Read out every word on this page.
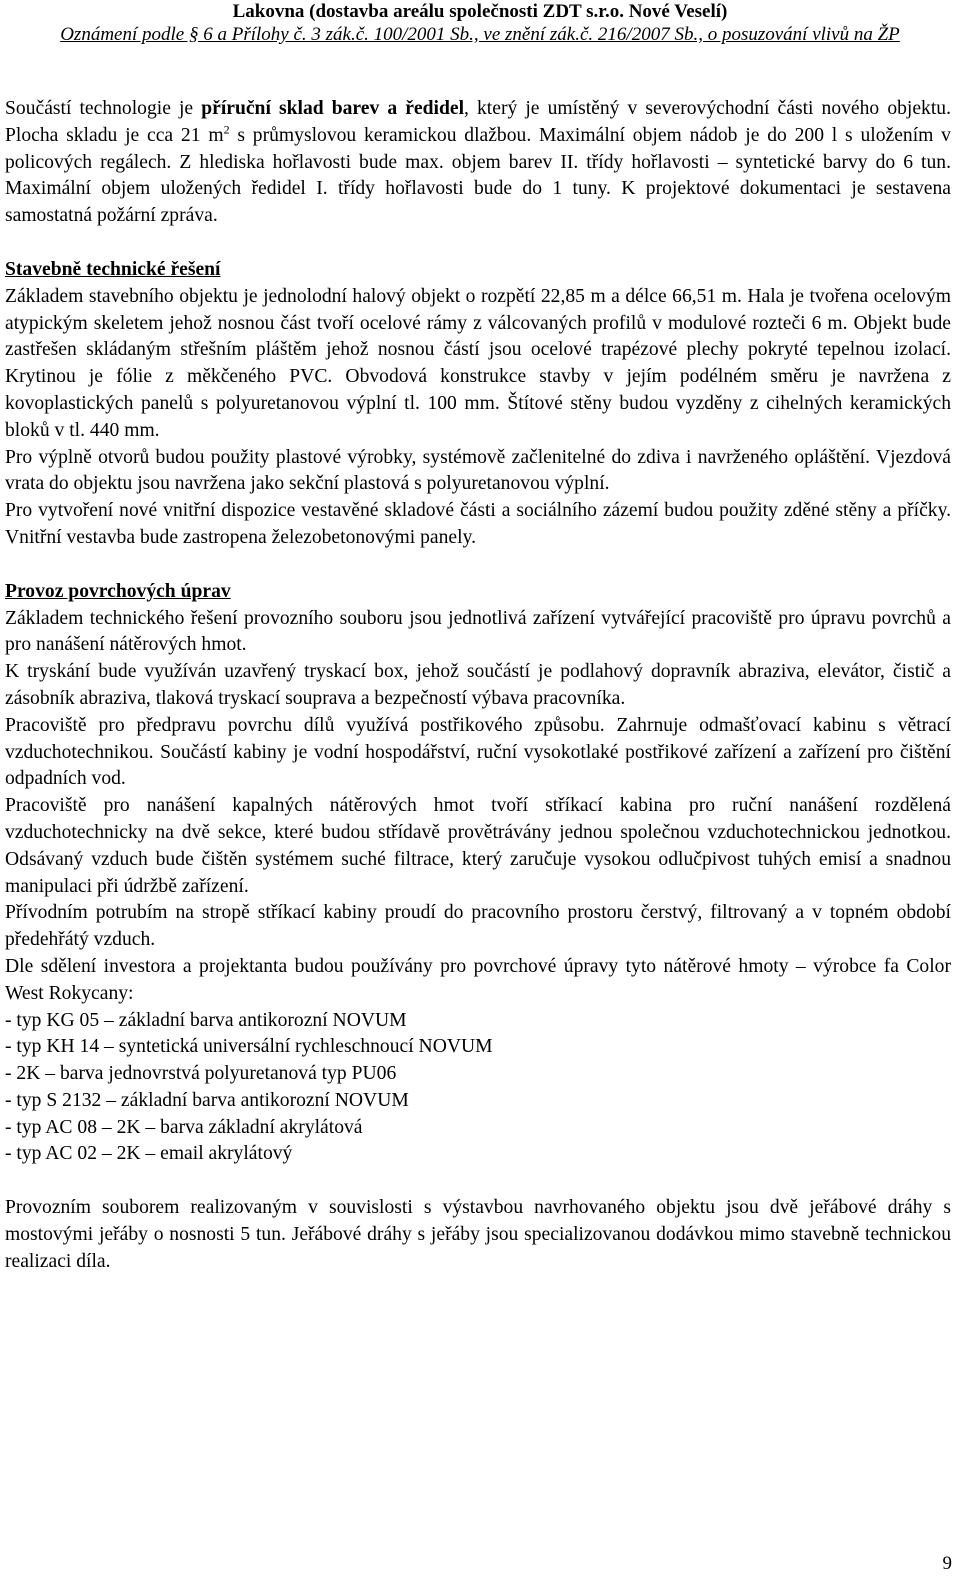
Lakovna (dostavba areálu společnosti ZDT s.r.o. Nové Veselí)
Oznámení podle § 6 a Přílohy č. 3 zák.č. 100/2001 Sb., ve znění zák.č. 216/2007 Sb., o posuzování vlivů na ŽP

Součástí technologie je příruční sklad barev a ředidel, který je umístěný v severovýchodní části nového objektu. Plocha skladu je cca 21 $m^2$ s průmyslovou keramickou dlažbou. Maximální objem nádob je do 200 l s uložením v policových regálech. Z hlediska hořlavosti bude max. objem barev II. třídy hořlavosti – syntetické barvy do 6 tun. Maximální objem uložených ředidel I. třídy hořlavosti bude do 1 tuny. K projektové dokumentaci je sestavena samostatná požární zpráva.

Stavebně technické řešení

Základem stavebního objektu je jednolodní halový objekt o rozpětí 22,85 m a délce 66,51 m. Hala je tvořena ocelovým atypickým skeletem jehož nosnou část tvoří ocelové rámy z válcovaných profilů v modulové rozteči 6 m. Objekt bude zastřešen skládaným střešním pláštěm jehož nosnou částí jsou ocelové trapézové plechy pokryté tepelnou izolací. Krytinou je fólie z měkčeného PVC. Obvodová konstrukce stavby v jejím podélném směru je navržena z kovoplastických panelů s polyuretanovou výplní tl. 100 mm. Štítové stěny budou vyzděny z cihelných keramických bloků v tl. 440 mm.

Pro výplně otvorů budou použity plastové výrobky, systémově začlenitelné do zdiva i navrženého opláštění. Vjezdová vrata do objektu jsou navržena jako sekční plastová s polyuretanovou výplní.

Pro vytvoření nové vnitřní dispozice vestavěné skladové části a sociálního zázemí budou použity zděné stěny a příčky. Vnitřní vestavba bude zastropena železobetonovými panely.

Provoz povrchových úprav

Základem technického řešení provozního souboru jsou jednotlivá zařízení vytvářející pracoviště pro úpravu povrchů a pro nanášení nátěrových hmot.

K tryskání bude využíván uzavřený tryskací box, jehož součástí je podlahový dopravník abraziva, elevátor, čistič a zásobník abraziva, tlaková tryskací souprava a bezpečností výbava pracovníka.

Pracoviště pro předpravu povrchu dílů využívá postřikového způsobu. Zahrnuje odmašťovací kabinu s větrací vzduchotechnikou. Součástí kabiny je vodní hospodářství, ruční vysokotlaké postřikové zařízení a zařízení pro čištění odpadních vod.

Pracoviště pro nanášení kapalných nátěrových hmot tvoří stříkací kabina pro ruční nanášení rozdělená vzduchotechnicky na dvě sekce, které budou střídavě provětrávány jednou společnou vzduchotechnickou jednotkou. Odsávaný vzduch bude čištěn systémem suché filtrace, který zaručuje vysokou odlučpivost tuhých emisí a snadnou manipulaci při údržbě zařízení.

Přívodním potrubím na stropě stříkací kabiny proudí do pracovního prostoru čerstvý, filtrovaný a v topném období předehřátý vzduch.

Dle sdělení investora a projektanta budou používány pro povrchové úpravy tyto nátěrové hmoty – výrobce fa Color West Rokycany:

- typ KG 05 – základní barva antikorozní NOVUM

- typ KH 14 – syntetická universální rychleschnoucí NOVUM

- 2K – barva jednovrstvá polyuretanová typ PU06

- typ S 2132 – základní barva antikorozní NOVUM

- typ AC 08 – 2K – barva základní akrylátová

- typ AC 02 – 2K – email akrylátový

Provozním souborem realizovaným v souvislosti s výstavbou navrhovaného objektu jsou dvě jeřábové dráhy s mostovými jeřáby o nosnosti 5 tun. Jeřábové dráhy s jeřáby jsou specializovanou dodávkou mimo stavebně technickou realizaci díla.

9
